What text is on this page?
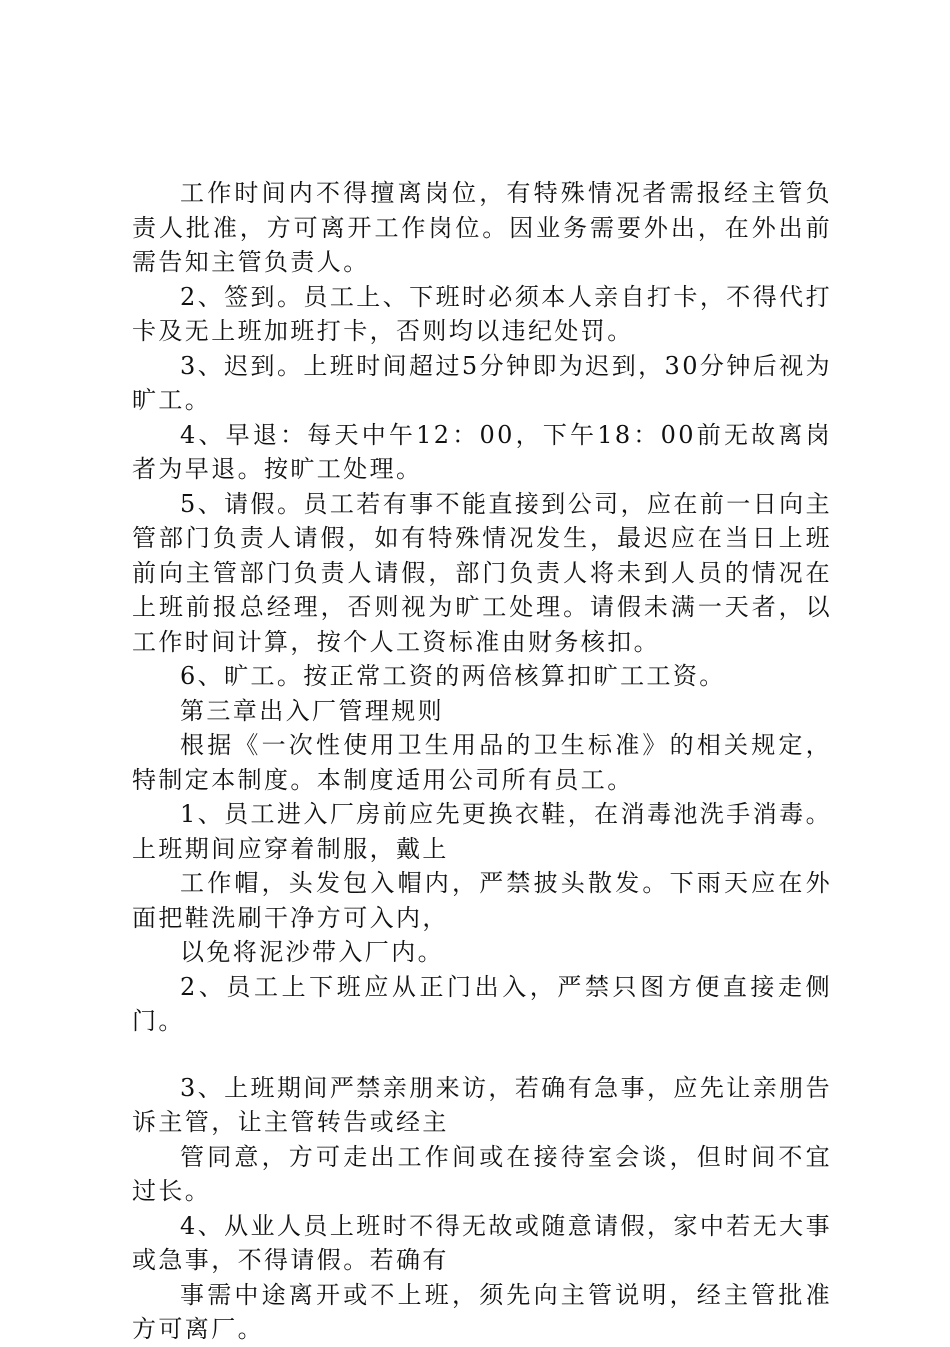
工作时间内不得擅离岗位，有特殊情况者需报经主管负责人批准，方可离开工作岗位。因业务需要外出，在外出前需告知主管负责人。

2、签到。员工上、下班时必须本人亲自打卡，不得代打卡及无上班加班打卡，否则均以违纪处罚。

3、迟到。上班时间超过5分钟即为迟到，30分钟后视为旷工。

4、早退：每天中午12：00，下午18：00前无故离岗者为早退。按旷工处理。

5、请假。员工若有事不能直接到公司，应在前一日向主管部门负责人请假，如有特殊情况发生，最迟应在当日上班前向主管部门负责人请假，部门负责人将未到人员的情况在上班前报总经理，否则视为旷工处理。请假未满一天者，以工作时间计算，按个人工资标准由财务核扣。

6、旷工。按正常工资的两倍核算扣旷工工资。

第三章出入厂管理规则

根据《一次性使用卫生用品的卫生标准》的相关规定，特制定本制度。本制度适用公司所有员工。

1、员工进入厂房前应先更换衣鞋，在消毒池洗手消毒。上班期间应穿着制服，戴上

工作帽，头发包入帽内，严禁披头散发。下雨天应在外面把鞋洗刷干净方可入内，

以免将泥沙带入厂内。

2、员工上下班应从正门出入，严禁只图方便直接走侧门。

3、上班期间严禁亲朋来访，若确有急事，应先让亲朋告诉主管，让主管转告或经主

管同意，方可走出工作间或在接待室会谈，但时间不宜过长。

4、从业人员上班时不得无故或随意请假，家中若无大事或急事，不得请假。若确有

事需中途离开或不上班，须先向主管说明，经主管批准方可离厂。
